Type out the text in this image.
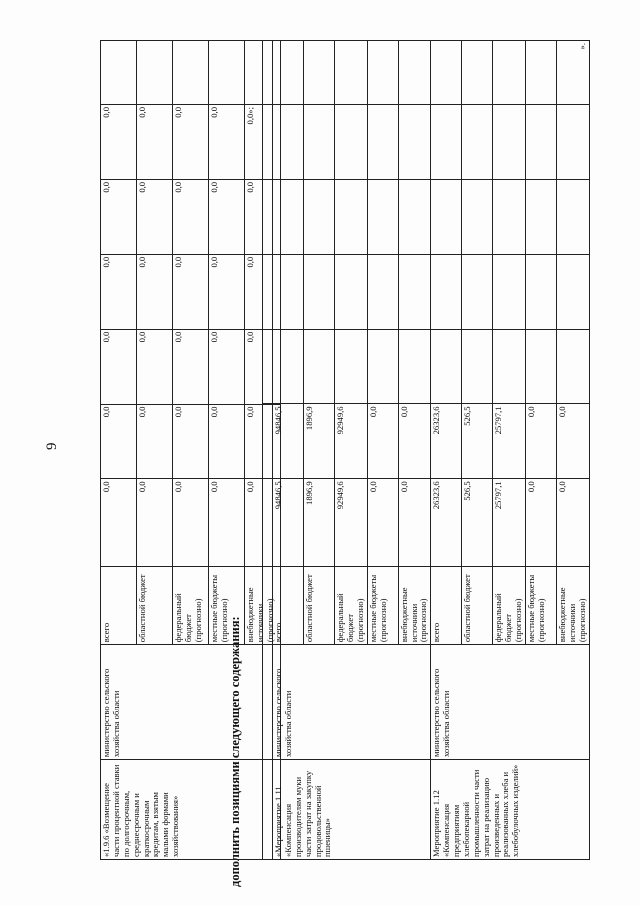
9
«1.9.6 «Возмещение части процентной ставки по долгосрочным, среднесрочным и краткосрочным кредитам, взятым малыми формами хозяйствования»	министерство сельского хозяйства области	всего	0,0	0,0	0,0	0,0	0,0	0,0	
		областной бюджет	0,0	0,0	0,0	0,0	0,0	0,0	
		федеральный бюджет (прогнозно)	0,0	0,0	0,0	0,0	0,0	0,0	
		местные бюджеты (прогнозно)	0,0	0,0	0,0	0,0	0,0	0,0	
		внебюджетные источники (прогнозно)	0,0	0,0	0,0	0,0	0,0	0,0»;	
дополнить позициями следующего содержания:
										«Мероприятие 1.11 «Компенсация производителям муки части затрат на закупку продовольственной пшеницы»	министерство сельского хозяйства области	всего	94846,5	94846,5					
		областной бюджет	1896,9	1896,9					
		федеральный бюджет (прогнозно)	92949,6	92949,6					
		местные бюджеты (прогнозно)	0,0	0,0					
		внебюджетные источники (прогнозно)	0,0	0,0					
Мероприятие 1.12 «Компенсация предприятиям хлебопекарной промышленности части затрат на реализацию произведенных и реализованных хлеба и хлебобулочных изделий»	министерство сельского хозяйства области	всего	26323,6	26323,6					
		областной бюджет	526,5	526,5					
		федеральный бюджет (прогнозно)	25797,1	25797,1					
		местные бюджеты (прогнозно)	0,0	0,0					
		внебюджетные источники (прогнозно)	0,0	0,0					».
